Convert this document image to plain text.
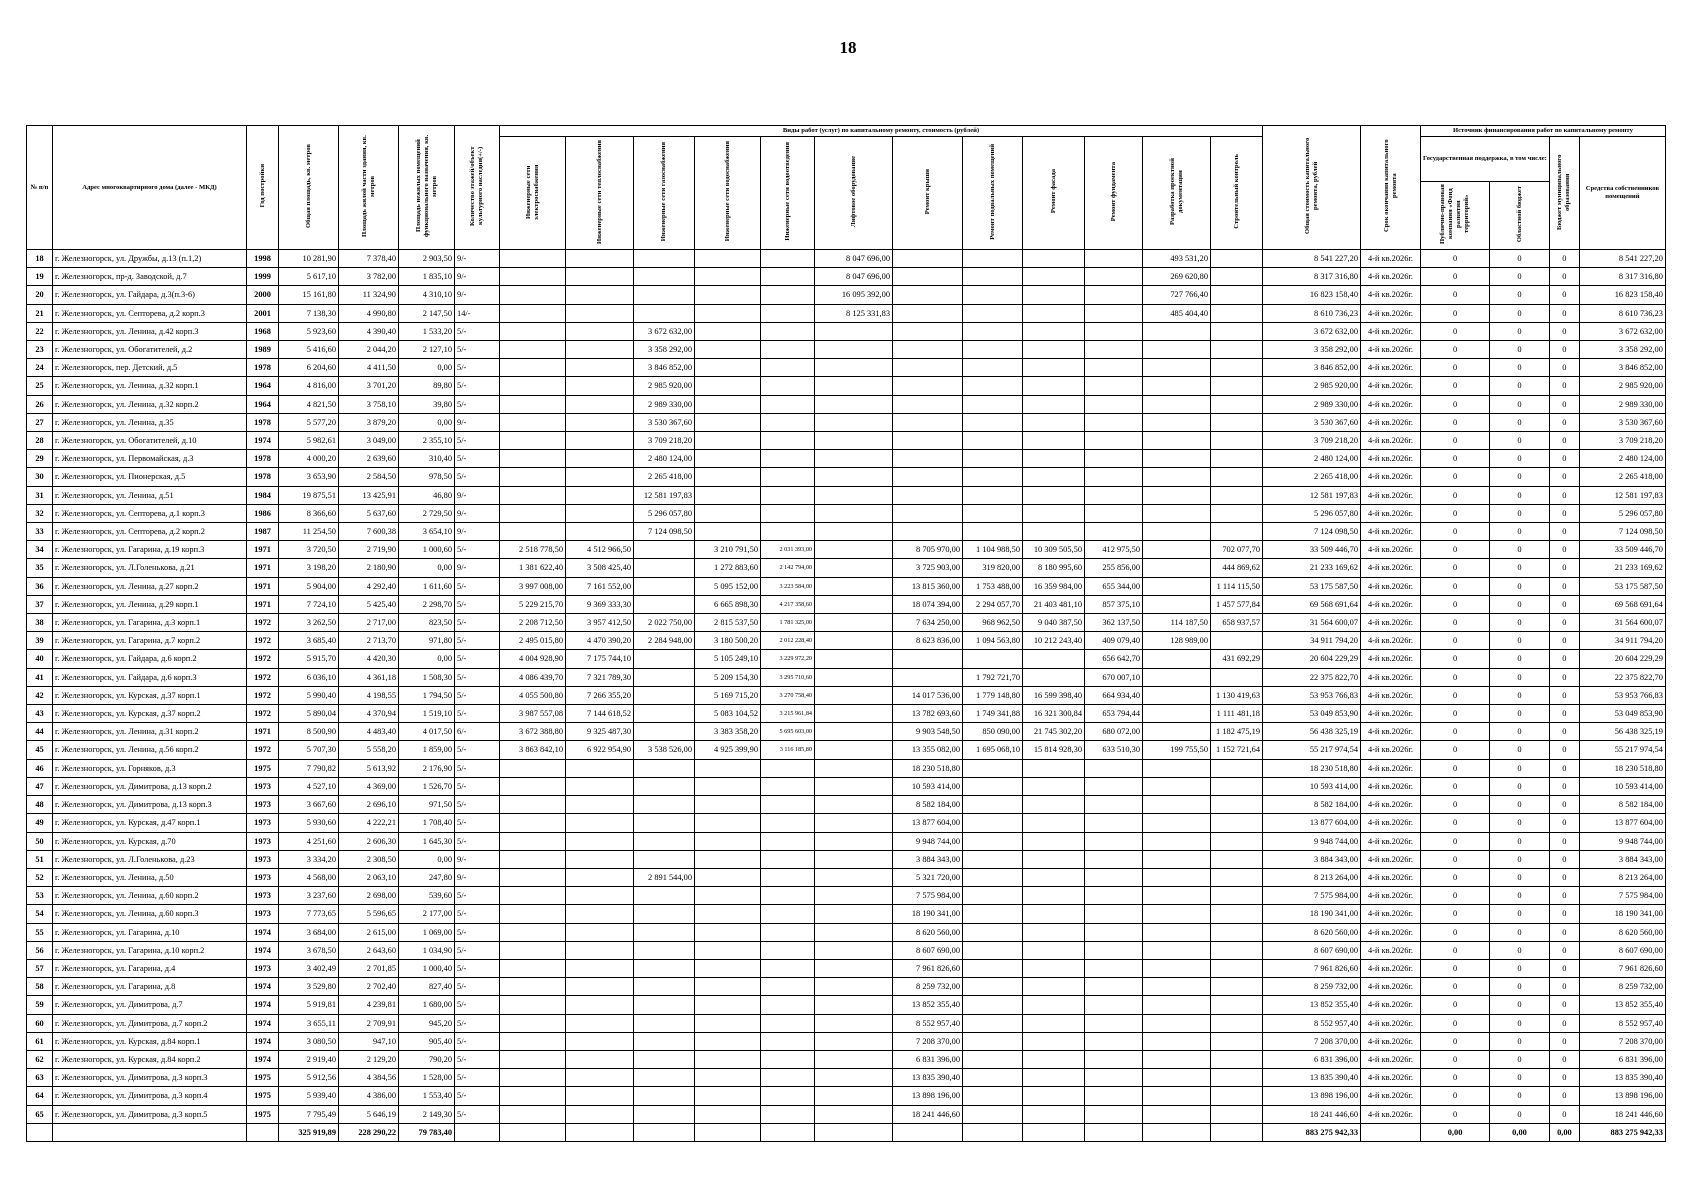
18
№ п/п	Адрес многоквартирного дома (далее - МКД)	Год постройки	Общая площадь, кв. метров	Площадь жилой части здания, кв. метров	Площадь нежилых помещений функционального назначения, кв. метров	Количество этажей/объект культурного наследия(+/-)	Виды работ (услуг) по капитальному ремонту, стоимость (рублей)												Общая стоимость капитального ремонта, рублей	Срок окончания капитального ремонта	Источник финансирования работ по капитальному ремонту			
							Инженерные сети электроснабжения	Инженерные сети теплоснабжения	Инженерные сети газоснабжения	Инженерные сети водоснабжения	Инженерные сети водоотведения	Лифтовое оборудование	Ремонт крыши	Ремонт подвальных помещений	Ремонт фасада	Ремонт фундамента	Разработка проектной документации	Строительный контроль			Государственная поддержка, в том числе:		Бюджет муниципального образования	Средства собственников помещений
																					Публично-правовая компания «Фонд развития территорий»	Областной бюджет		
18	г. Железногорск, ул. Дружбы, д.13 (п.1,2)	1998	10 281,90	7 378,40	2 903,50	9/-						8 047 696,00					493 531,20		8 541 227,20	4-й кв.2026г.	0	0	0	8 541 227,20
19	г. Железногорск, пр-д. Заводской, д.7	1999	5 617,10	3 782,00	1 835,10	9/-						8 047 696,00					269 620,80		8 317 316,80	4-й кв.2026г.	0	0	0	8 317 316,80
20	г. Железногорск, ул. Гайдара, д.3(п.3-6)	2000	15 161,80	11 324,90	4 310,10	9/-						16 095 392,00					727 766,40		16 823 158,40	4-й кв.2026г.	0	0	0	16 823 158,40
21	г. Железногорск, ул. Септорева, д.2 корп.3	2001	7 138,30	4 990,80	2 147,50	14/-						8 125 331,83					485 404,40		8 610 736,23	4-й кв.2026г.	0	0	0	8 610 736,23
22	г. Железногорск, ул. Ленина, д.42 корп.3	1968	5 923,60	4 390,40	1 533,20	5/-			3 672 632,00										3 672 632,00	4-й кв.2026г.	0	0	0	3 672 632,00
23	г. Железногорск, ул. Обогатителей, д.2	1989	5 416,60	2 044,20	2 127,10	5/-			3 358 292,00										3 358 292,00	4-й кв.2026г.	0	0	0	3 358 292,00
24	г. Железногорск, пер. Детский, д.5	1978	6 204,60	4 411,50	0,00	5/-			3 846 852,00										3 846 852,00	4-й кв.2026г.	0	0	0	3 846 852,00
25	г. Железногорск, ул. Ленина, д.32 корп.1	1964	4 816,00	3 701,20	89,80	5/-			2 985 920,00										2 985 920,00	4-й кв.2026г.	0	0	0	2 985 920,00
26	г. Железногорск, ул. Ленина, д.32 корп.2	1964	4 821,50	3 758,10	39,80	5/-			2 989 330,00										2 989 330,00	4-й кв.2026г.	0	0	0	2 989 330,00
27	г. Железногорск, ул. Ленина, д.35	1978	5 577,20	3 879,20	0,00	9/-			3 530 367,60										3 530 367,60	4-й кв.2026г.	0	0	0	3 530 367,60
28	г. Железногорск, ул. Обогатителей, д.10	1974	5 982,61	3 049,00	2 355,10	5/-			3 709 218,20										3 709 218,20	4-й кв.2026г.	0	0	0	3 709 218,20
29	г. Железногорск, ул. Первомайская, д.3	1978	4 000,20	2 639,60	310,40	5/-			2 480 124,00										2 480 124,00	4-й кв.2026г.	0	0	0	2 480 124,00
30	г. Железногорск, ул. Пионерская, д.5	1978	3 653,90	2 584,50	978,50	5/-			2 265 418,00										2 265 418,00	4-й кв.2026г.	0	0	0	2 265 418,00
31	г. Железногорск, ул. Ленина, д.51	1984	19 875,51	13 425,91	46,80	9/-			12 581 197,83										12 581 197,83	4-й кв.2026г.	0	0	0	12 581 197,83
32	г. Железногорск, ул. Септорева, д.1 корп.3	1986	8 366,60	5 637,60	2 729,50	9/-			5 296 057,80										5 296 057,80	4-й кв.2026г.	0	0	0	5 296 057,80
33	г. Железногорск, ул. Септорева, д.2 корп.2	1987	11 254,50	7 600,38	3 654,10	9/-			7 124 098,50										7 124 098,50	4-й кв.2026г.	0	0	0	7 124 098,50
34	г. Железногорск, ул. Гагарина, д.19 корп.3	1971	3 720,50	2 719,90	1 000,60	5/-	2 518 778,50	4 512 966,50		3 210 791,50	2 031 393,00		8 705 970,00	1 104 988,50	10 309 505,50	412 975,50		702 077,70	33 509 446,70	4-й кв.2026г.	0	0	0	33 509 446,70
35	г. Железногорск, ул. Л.Голенькова, д.21	1971	3 198,20	2 180,90	0,00	9/-	1 381 622,40	3 508 425,40		1 272 883,60	2 142 794,00		3 725 903,00	319 820,00	8 180 995,60	255 856,00		444 869,62	21 233 169,62	4-й кв.2026г.	0	0	0	21 233 169,62
36	г. Железногорск, ул. Ленина, д.27 корп.2	1971	5 904,00	4 292,40	1 611,60	5/-	3 997 008,00	7 161 552,00		5 095 152,00	3 223 584,00		13 815 360,00	1 753 488,00	16 359 984,00	655 344,00		1 114 115,50	53 175 587,50	4-й кв.2026г.	0	0	0	53 175 587,50
37	г. Железногорск, ул. Ленина, д.29 корп.1	1971	7 724,10	5 425,40	2 298,70	5/-	5 229 215,70	9 369 333,30		6 665 898,30	4 217 358,60		18 074 394,00	2 294 057,70	21 403 481,10	857 375,10		1 457 577,84	69 568 691,64	4-й кв.2026г.	0	0	0	69 568 691,64
38	г. Железногорск, ул. Гагарина, д.3 корп.1	1972	3 262,50	2 717,00	823,50	5/-	2 208 712,50	3 957 412,50	2 022 750,00	2 815 537,50	1 781 325,00		7 634 250,00	968 962,50	9 040 387,50	362 137,50	114 187,50	658 937,57	31 564 600,07	4-й кв.2026г.	0	0	0	31 564 600,07
39	г. Железногорск, ул. Гагарина, д.7 корп.2	1972	3 685,40	2 713,70	971,80	5/-	2 495 015,80	4 470 390,20	2 284 948,00	3 180 500,20	2 012 228,40		8 623 836,00	1 094 563,80	10 212 243,40	409 079,40	128 989,00		34 911 794,20	4-й кв.2026г.	0	0	0	34 911 794,20
40	г. Железногорск, ул. Гайдара, д.6 корп.2	1972	5 915,70	4 420,30	0,00	5/-	4 004 928,90	7 175 744,10		5 105 249,10	3 229 972,20					656 642,70		431 692,29	20 604 229,29	4-й кв.2026г.	0	0	0	20 604 229,29
41	г. Железногорск, ул. Гайдара, д.6 корп.3	1972	6 036,10	4 361,18	1 508,30	5/-	4 086 439,70	7 321 789,30		5 209 154,30	3 295 710,60			1 792 721,70		670 007,10			22 375 822,70	4-й кв.2026г.	0	0	0	22 375 822,70
42	г. Железногорск, ул. Курская, д.37 корп.1	1972	5 990,40	4 198,55	1 794,50	5/-	4 055 500,80	7 266 355,20		5 169 715,20	3 270 758,40		14 017 536,00	1 779 148,80	16 599 398,40	664 934,40		1 130 419,63	53 953 766,83	4-й кв.2026г.	0	0	0	53 953 766,83
43	г. Железногорск, ул. Курская, д.37 корп.2	1972	5 890,04	4 370,94	1 519,10	5/-	3 987 557,08	7 144 618,52		5 083 104,52	3 215 961,84		13 782 693,60	1 749 341,88	16 321 300,84	653 794,44		1 111 481,18	53 049 853,90	4-й кв.2026г.	0	0	0	53 049 853,90
44	г. Железногорск, ул. Ленина, д.31 корп.2	1971	8 500,90	4 483,40	4 017,50	6/-	3 672 388,80	9 325 487,30		3 383 358,20	5 695 603,00		9 903 548,50	850 090,00	21 745 302,20	680 072,00		1 182 475,19	56 438 325,19	4-й кв.2026г.	0	0	0	56 438 325,19
45	г. Железногорск, ул. Ленина, д.56 корп.2	1972	5 707,30	5 558,20	1 859,00	5/-	3 863 842,10	6 922 954,90	3 538 526,00	4 925 399,90	3 116 185,80		13 355 082,00	1 695 068,10	15 814 928,30	633 510,30	199 755,50	1 152 721,64	55 217 974,54	4-й кв.2026г.	0	0	0	55 217 974,54
46	г. Железногорск, ул. Горняков, д.3	1975	7 790,82	5 613,92	2 176,90	5/-							18 230 518,80						18 230 518,80	4-й кв.2026г.	0	0	0	18 230 518,80
47	г. Железногорск, ул. Димитрова, д.13 корп.2	1973	4 527,10	4 369,00	1 526,70	5/-							10 593 414,00						10 593 414,00	4-й кв.2026г.	0	0	0	10 593 414,00
48	г. Железногорск, ул. Димитрова, д.13 корп.3	1973	3 667,60	2 696,10	971,50	5/-							8 582 184,00						8 582 184,00	4-й кв.2026г.	0	0	0	8 582 184,00
49	г. Железногорск, ул. Курская, д.47 корп.1	1973	5 930,60	4 222,21	1 708,40	5/-							13 877 604,00						13 877 604,00	4-й кв.2026г.	0	0	0	13 877 604,00
50	г. Железногорск, ул. Курская, д.70	1973	4 251,60	2 606,30	1 645,30	5/-							9 948 744,00						9 948 744,00	4-й кв.2026г.	0	0	0	9 948 744,00
51	г. Железногорск, ул. Л.Голенькова, д.23	1973	3 334,20	2 308,50	0,00	9/-							3 884 343,00						3 884 343,00	4-й кв.2026г.	0	0	0	3 884 343,00
52	г. Железногорск, ул. Ленина, д.50	1973	4 568,00	2 063,10	247,80	9/-			2 891 544,00				5 321 720,00						8 213 264,00	4-й кв.2026г.	0	0	0	8 213 264,00
53	г. Железногорск, ул. Ленина, д.60 корп.2	1973	3 237,60	2 698,00	539,60	5/-							7 575 984,00						7 575 984,00	4-й кв.2026г.	0	0	0	7 575 984,00
54	г. Железногорск, ул. Ленина, д.60 корп.3	1973	7 773,65	5 596,65	2 177,00	5/-							18 190 341,00						18 190 341,00	4-й кв.2026г.	0	0	0	18 190 341,00
55	г. Железногорск, ул. Гагарина, д.10	1974	3 684,00	2 615,00	1 069,00	5/-							8 620 560,00						8 620 560,00	4-й кв.2026г.	0	0	0	8 620 560,00
56	г. Железногорск, ул. Гагарина, д.10 корп.2	1974	3 678,50	2 643,60	1 034,90	5/-							8 607 690,00						8 607 690,00	4-й кв.2026г.	0	0	0	8 607 690,00
57	г. Железногорск, ул. Гагарина, д.4	1973	3 402,49	2 701,85	1 000,40	5/-							7 961 826,60						7 961 826,60	4-й кв.2026г.	0	0	0	7 961 826,60
58	г. Железногорск, ул. Гагарина, д.8	1974	3 529,80	2 702,40	827,40	5/-							8 259 732,00						8 259 732,00	4-й кв.2026г.	0	0	0	8 259 732,00
59	г. Железногорск, ул. Димитрова, д.7	1974	5 919,81	4 239,81	1 680,00	5/-							13 852 355,40						13 852 355,40	4-й кв.2026г.	0	0	0	13 852 355,40
60	г. Железногорск, ул. Димитрова, д.7 корп.2	1974	3 655,11	2 709,91	945,20	5/-							8 552 957,40						8 552 957,40	4-й кв.2026г.	0	0	0	8 552 957,40
61	г. Железногорск, ул. Курская, д.84 корп.1	1974	3 080,50	947,10	905,40	5/-							7 208 370,00						7 208 370,00	4-й кв.2026г.	0	0	0	7 208 370,00
62	г. Железногорск, ул. Курская, д.84 корп.2	1974	2 919,40	2 129,20	790,20	5/-							6 831 396,00						6 831 396,00	4-й кв.2026г.	0	0	0	6 831 396,00
63	г. Железногорск, ул. Димитрова, д.3 корп.3	1975	5 912,56	4 384,56	1 528,00	5/-							13 835 390,40						13 835 390,40	4-й кв.2026г.	0	0	0	13 835 390,40
64	г. Железногорск, ул. Димитрова, д.3 корп.4	1975	5 939,40	4 386,00	1 553,40	5/-							13 898 196,00						13 898 196,00	4-й кв.2026г.	0	0	0	13 898 196,00
65	г. Железногорск, ул. Димитрова, д.3 корп.5	1975	7 795,49	5 646,19	2 149,30	5/-							18 241 446,60						18 241 446,60	4-й кв.2026г.	0	0	0	18 241 446,60
			325 919,89	228 290,22	79 783,40														883 275 942,33		0,00	0,00	0,00	883 275 942,33
